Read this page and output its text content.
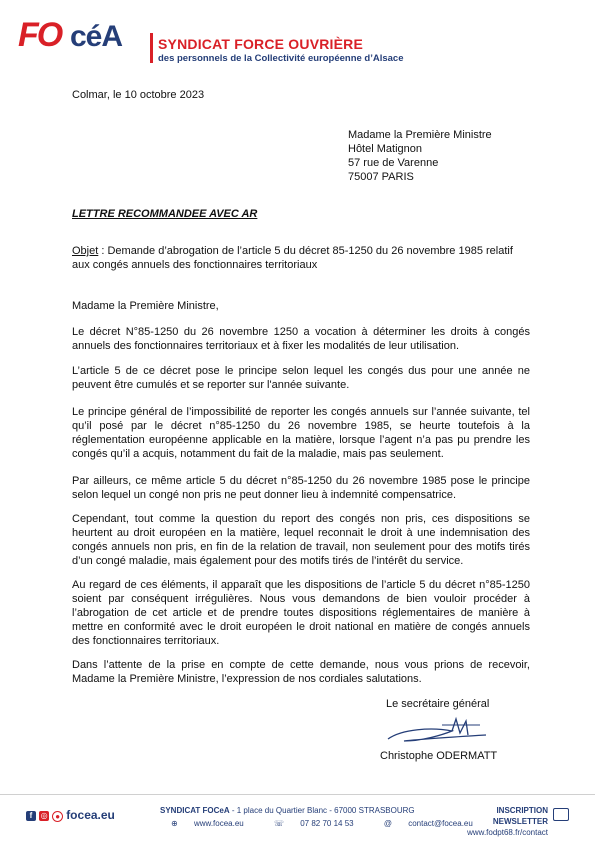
FO céA	SYNDICAT FORCE OUVRIÈRE
des personnels de la Collectivité européenne d’Alsace
Colmar, le 10 octobre 2023
Madame la Première Ministre
Hôtel Matignon
57 rue de Varenne
75007 PARIS
LETTRE RECOMMANDEE AVEC AR
Objet : Demande d’abrogation de l’article 5 du décret 85-1250 du 26 novembre 1985 relatif aux congés annuels des fonctionnaires territoriaux
Madame la Première Ministre,
Le décret N°85-1250 du 26 novembre 1250 a vocation à déterminer les droits à congés annuels des fonctionnaires territoriaux et à fixer les modalités de leur utilisation.
L’article 5 de ce décret pose le principe selon lequel les congés dus pour une année ne peuvent être cumulés et se reporter sur l'année suivante.
Le principe général de l’impossibilité de reporter les congés annuels sur l’année suivante, tel qu’il posé par le décret n°85-1250 du 26 novembre 1985, se heurte toutefois à la réglementation européenne applicable en la matière, lorsque l’agent n’a pas pu prendre les congés qu’il a acquis, notamment du fait de la maladie, mais pas seulement.
Par ailleurs, ce même article 5 du décret n°85-1250 du 26 novembre 1985 pose le principe selon lequel un congé non pris ne peut donner lieu à indemnité compensatrice.
Cependant, tout comme la question du report des congés non pris, ces dispositions se heurtent au droit européen en la matière, lequel reconnait le droit à une indemnisation des congés annuels non pris, en fin de la relation de travail, non seulement pour des motifs tirés d’un congé maladie, mais également pour des motifs tirés de l’intérêt du service.
Au regard de ces éléments, il apparaît que les dispositions de l’article 5 du décret n°85-1250 soient par conséquent irrégulières. Nous vous demandons de bien vouloir procéder à l’abrogation de cet article et de prendre toutes dispositions réglementaires de manière à mettre en conformité avec le droit européen le droit national en matière de congés annuels des fonctionnaires territoriaux.
Dans l’attente de la prise en compte de cette demande, nous vous prions de recevoir, Madame la Première Ministre, l’expression de nos cordiales salutations.
Le secrétaire général
Christophe ODERMATT
f ◎ ● focea.eu	SYNDICAT FOCeA - 1 place du Quartier Blanc - 67000 STRASBOURG
⊕ www.focea.eu	☏ 07 82 70 14 53	@ contact@focea.eu
INSCRIPTION NEWSLETTER
www.fodpt68.fr/contact
